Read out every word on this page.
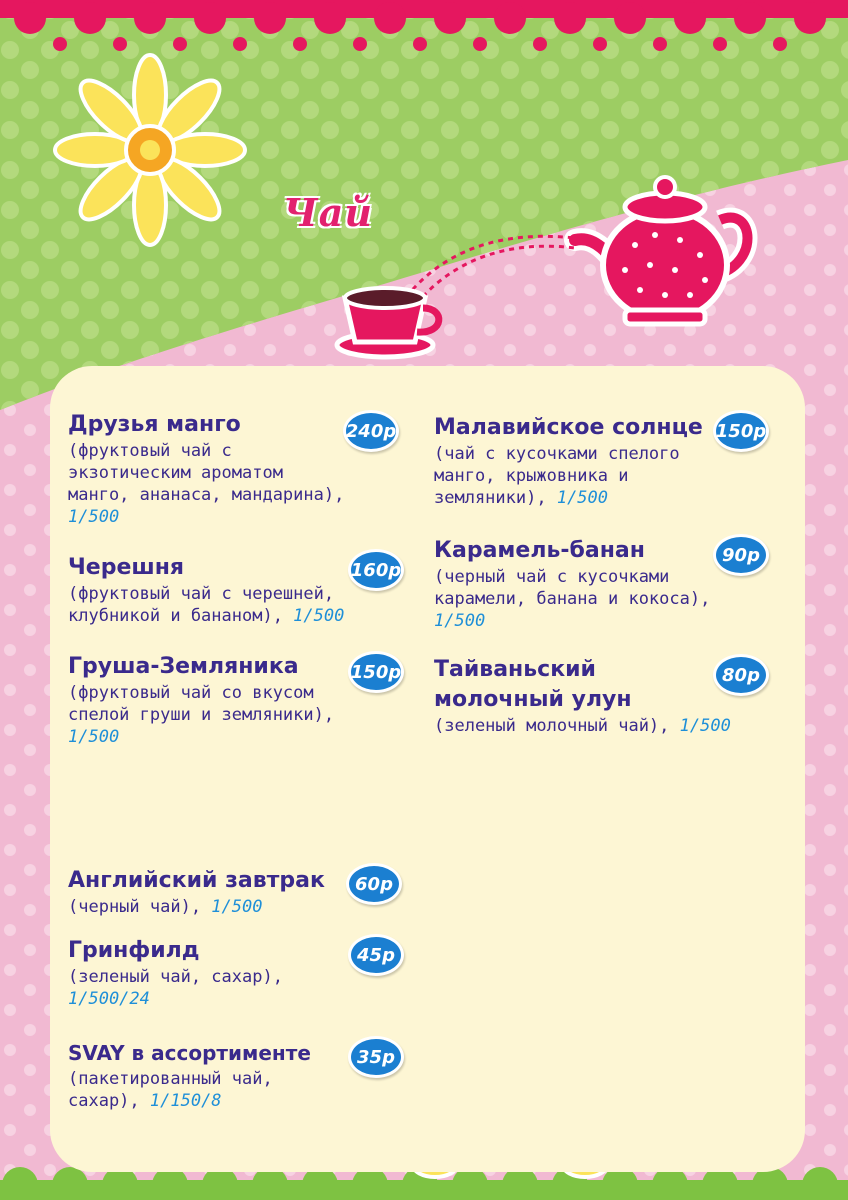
Чай
Друзья манго
(фруктовый чай с
экзотическим ароматом
манго, ананаса, мандарина),
1/500
240р
Черешня
(фруктовый чай с черешней,
клубникой и бананом), 1/500
160р
Груша-Земляника
(фруктовый чай со вкусом
спелой груши и земляники),
1/500
150р
Английский завтрак
(черный чай), 1/500
60р
Гринфилд
(зеленый чай, сахар),
1/500/24
45р
SVAY в ассортименте
(пакетированный чай,
сахар), 1/150/8
35р
Малавийское солнце
(чай с кусочками спелого
манго, крыжовника и
земляники), 1/500
150р
Карамель-банан
(черный чай с кусочками
карамели, банана и кокоса),
1/500
90р
Тайваньский молочный улун
(зеленый молочный чай), 1/500
80р
